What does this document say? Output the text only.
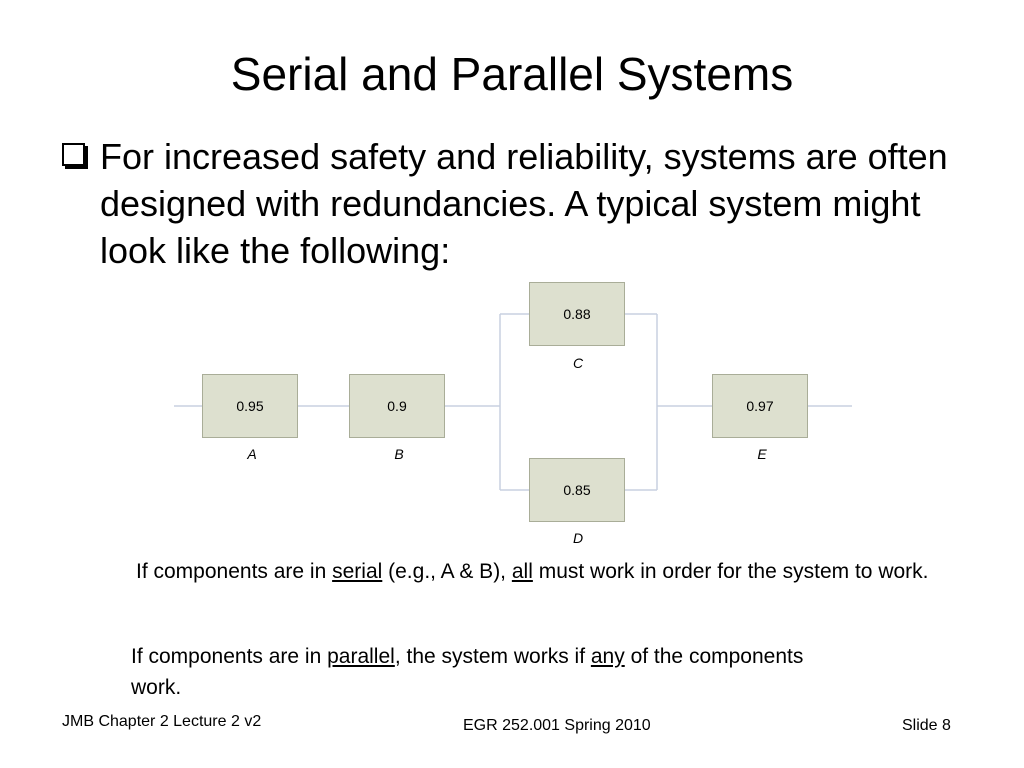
Serial and Parallel Systems
For increased safety and reliability, systems are often designed with redundancies. A typical system might look like the following:
0.95
A
0.9
B
0.88
C
0.85
D
0.97
E
If components are in serial (e.g., A & B), all must work in order for the system to work.
If components are in parallel, the system works if any of the components work.
JMB Chapter 2 Lecture 2 v2	EGR 252.001 Spring 2010	Slide 8
